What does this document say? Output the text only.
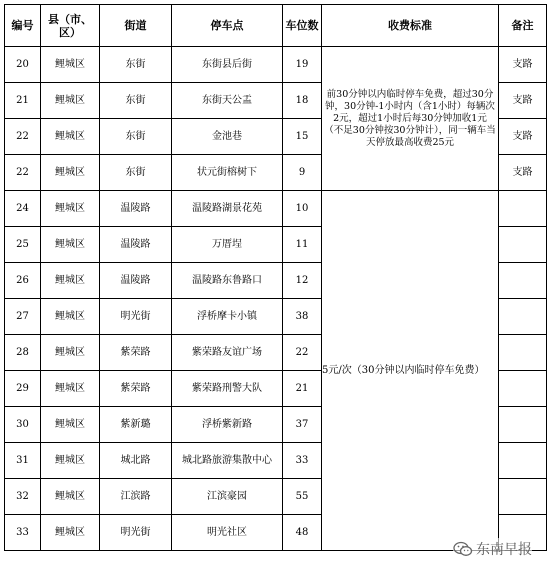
编号	县（市、区）	街道	停车点	车位数	收费标准	备注
20	鲤城区	东街	东街县后街	19	前30分钟以内临时停车免费，超过30分钟，30分钟-1小时内（含1小时）每辆次2元，超过1小时后每30分钟加收1元（不足30分钟按30分钟计），同一辆车当天停放最高收费25元	支路
21	鲤城区	东街	东街天公盂	18		支路
22	鲤城区	东街	金池巷	15		支路
22	鲤城区	东街	状元街榕树下	9		支路
24	鲤城区	温陵路	温陵路湖景花苑	10	5元/次（30分钟以内临时停车免费）	
25	鲤城区	温陵路	万厝埕	11		
26	鲤城区	温陵路	温陵路东鲁路口	12		
27	鲤城区	明光街	浮桥摩卡小镇	38		
28	鲤城区	紫荣路	紫荣路友谊广场	22		
29	鲤城区	紫荣路	紫荣路刑警大队	21		
30	鲤城区	紫新璐	浮桥紫新路	37		
31	鲤城区	城北路	城北路旅游集散中心	33		
32	鲤城区	江滨路	江滨豪园	55		
33	鲤城区	明光街	明光社区	48		
东南早报
